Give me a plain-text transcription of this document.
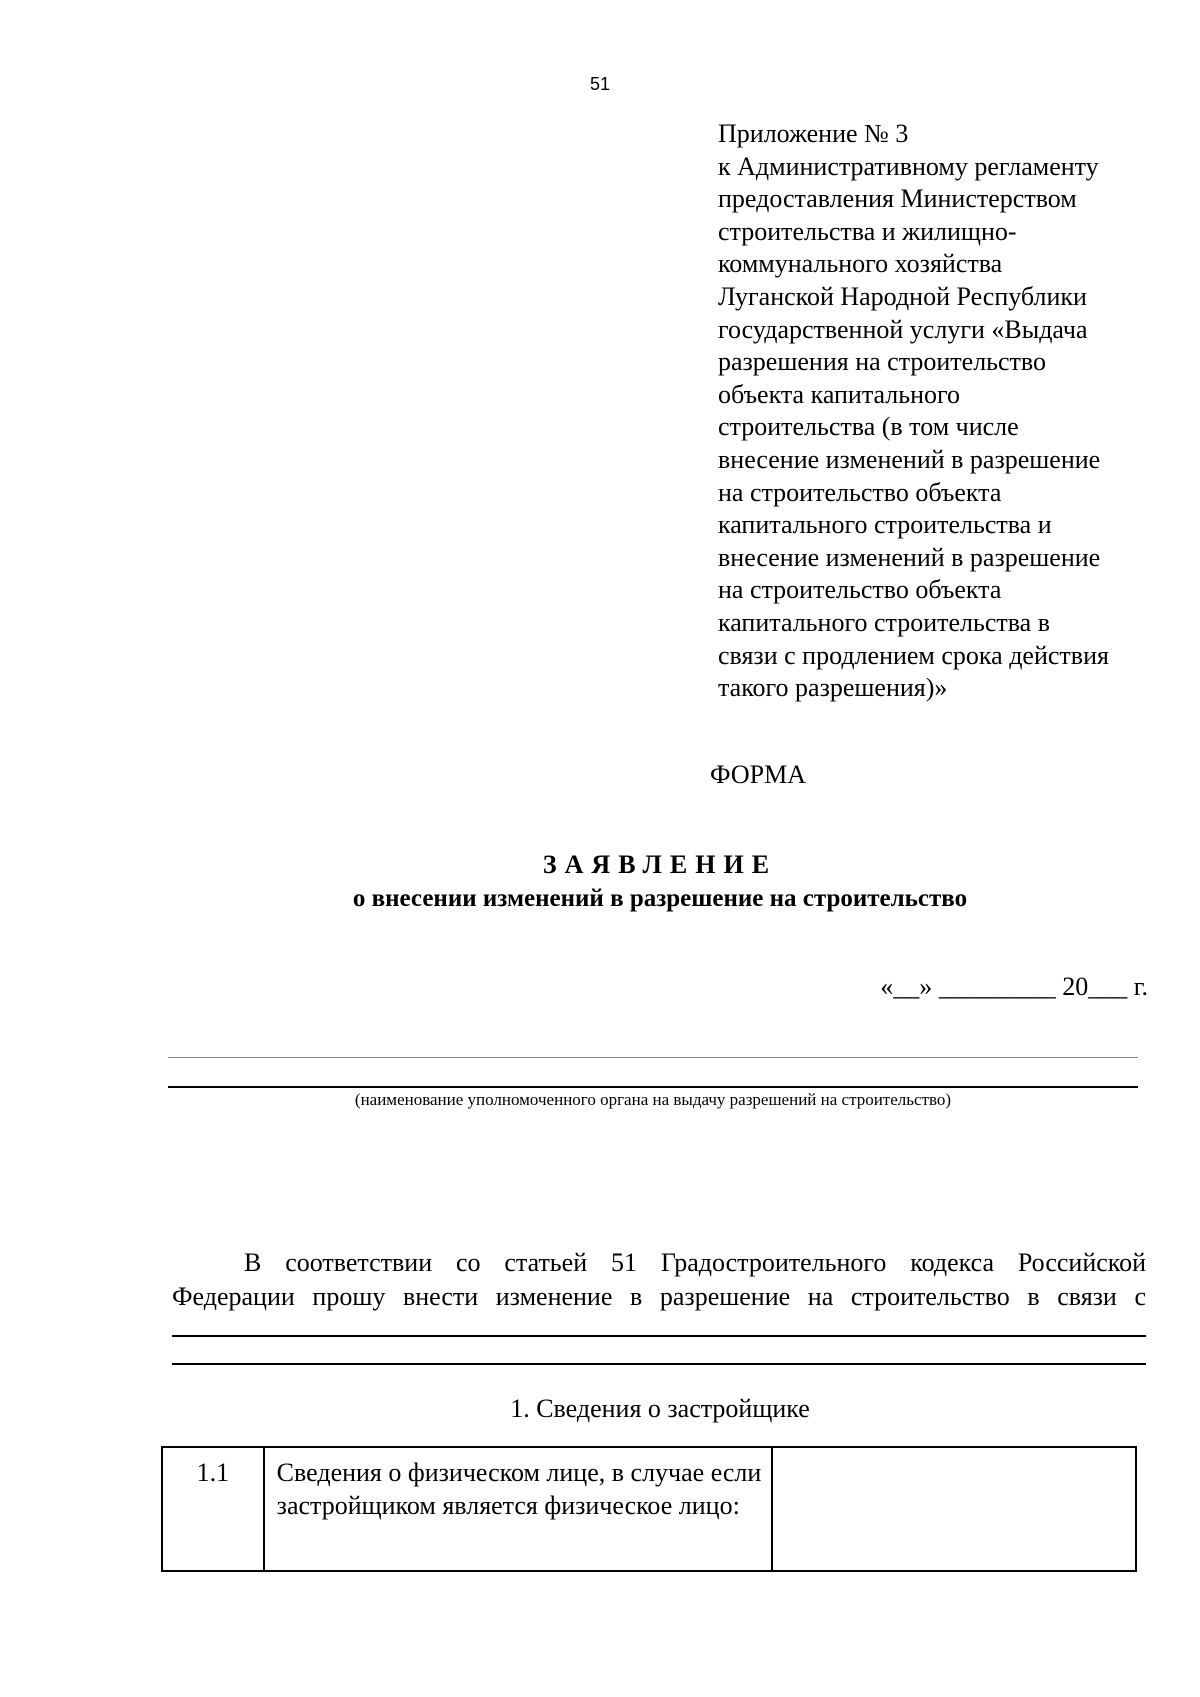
51
Приложение № 3
к Административному регламенту
предоставления Министерством
строительства и жилищно-
коммунального хозяйства
Луганской Народной Республики
государственной услуги «Выдача
разрешения на строительство
объекта капитального
строительства (в том числе
внесение изменений в разрешение
на строительство объекта
капитального строительства и
внесение изменений в разрешение
на строительство объекта
капитального строительства в
связи с продлением срока действия
такого разрешения)»
ФОРМА
ЗАЯВЛЕНИЕ
о внесении изменений в разрешение на строительство
«__» _________ 20___ г.
(наименование уполномоченного органа на выдачу разрешений на строительство)
В соответствии со статьей 51 Градостроительного кодекса Российской
Федерации прошу внести изменение в разрешение на строительство в связи с
1. Сведения о застройщике
1.1	Сведения о физическом лице, в случае если застройщиком является физическое лицо:	
